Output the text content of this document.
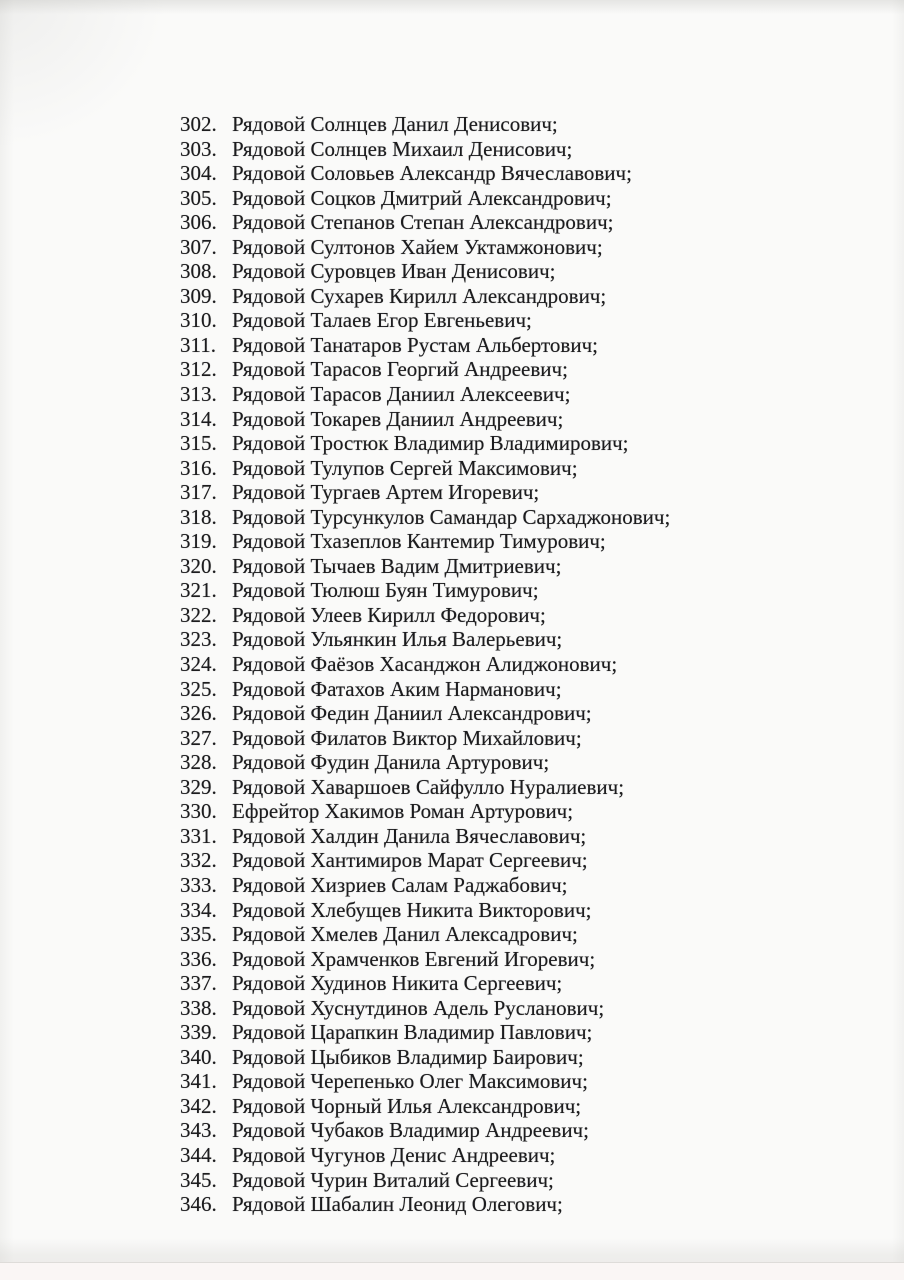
302. Рядовой Солнцев Данил Денисович;
303. Рядовой Солнцев Михаил Денисович;
304. Рядовой Соловьев Александр Вячеславович;
305. Рядовой Соцков Дмитрий Александрович;
306. Рядовой Степанов Степан Александрович;
307. Рядовой Султонов Хайем Уктамжонович;
308. Рядовой Суровцев Иван Денисович;
309. Рядовой Сухарев Кирилл Александрович;
310. Рядовой Талаев Егор Евгеньевич;
311. Рядовой Танатаров Рустам Альбертович;
312. Рядовой Тарасов Георгий Андреевич;
313. Рядовой Тарасов Даниил Алексеевич;
314. Рядовой Токарев Даниил Андреевич;
315. Рядовой Тростюк Владимир Владимирович;
316. Рядовой Тулупов Сергей Максимович;
317. Рядовой Тургаев Артем Игоревич;
318. Рядовой Турсункулов Самандар Сархаджонович;
319. Рядовой Тхазеплов Кантемир Тимурович;
320. Рядовой Тычаев Вадим Дмитриевич;
321. Рядовой Тюлюш Буян Тимурович;
322. Рядовой Улеев Кирилл Федорович;
323. Рядовой Ульянкин Илья Валерьевич;
324. Рядовой Фаёзов Хасанджон Алиджонович;
325. Рядовой Фатахов Аким Нарманович;
326. Рядовой Федин Даниил Александрович;
327. Рядовой Филатов Виктор Михайлович;
328. Рядовой Фудин Данила Артурович;
329. Рядовой Хаваршоев Сайфулло Нуралиевич;
330. Ефрейтор Хакимов Роман Артурович;
331. Рядовой Халдин Данила Вячеславович;
332. Рядовой Хантимиров Марат Сергеевич;
333. Рядовой Хизриев Салам Раджабович;
334. Рядовой Хлебущев Никита Викторович;
335. Рядовой Хмелев Данил Алексадрович;
336. Рядовой Храмченков Евгений Игоревич;
337. Рядовой Худинов Никита Сергеевич;
338. Рядовой Хуснутдинов Адель Русланович;
339. Рядовой Царапкин Владимир Павлович;
340. Рядовой Цыбиков Владимир Баирович;
341. Рядовой Черепенько Олег Максимович;
342. Рядовой Чорный Илья Александрович;
343. Рядовой Чубаков Владимир Андреевич;
344. Рядовой Чугунов Денис Андреевич;
345. Рядовой Чурин Виталий Сергеевич;
346. Рядовой Шабалин Леонид Олегович;
